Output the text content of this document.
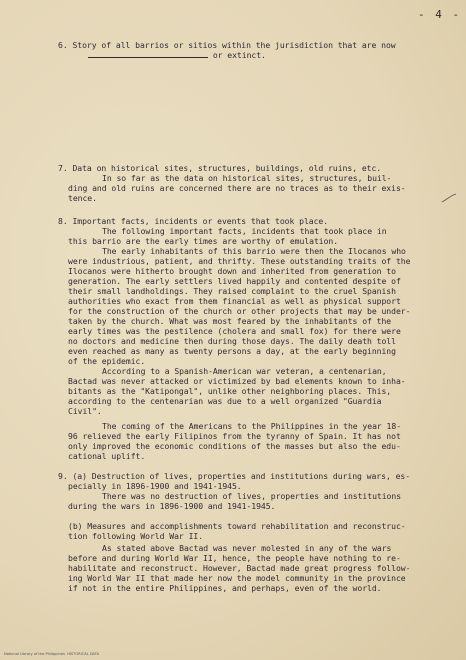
- 4 -
6. Story of all barrios or sitios within the jurisdiction that are now
or extinct.
7. Data on historical sites, structures, buildings, old ruins, etc.
In so far as the data on historical sites, structures, buil-
ding and old ruins are concerned there are no traces as to their exis-
tence.
8. Important facts, incidents or events that took place.
The following important facts, incidents that took place in
this barrio are the early times are worthy of emulation.
The early inhabitants of this barrio were then the Ilocanos who
were industrious, patient, and thrifty. These outstanding traits of the
Ilocanos were hitherto brought down and inherited from generation to
generation. The early settlers lived happily and contented despite of
their small landholdings. They raised complaint to the cruel Spanish
authorities who exact from them financial as well as physical support
for the construction of the church or other projects that may be under-
taken by the church. What was most feared by the inhabitants of the
early times was the pestilence (cholera and small fox) for there were
no doctors and medicine then during those days. The daily death toll
even reached as many as twenty persons a day, at the early beginning
of the epidemic.
According to a Spanish-American war veteran, a centenarian,
Bactad was never attacked or victimized by bad elements known to inha-
bitants as the "Katipongal", unlike other neighboring places. This,
according to the centenarian was due to a well organized "Guardia
Civil".
The coming of the Americans to the Philippines in the year 18-
96 relieved the early Filipinos from the tyranny of Spain. It has not
only improved the economic conditions of the masses but also the edu-
cational uplift.
9. (a) Destruction of lives, properties and institutions during wars, es-
pecially in 1896-1900 and 1941-1945.
There was no destruction of lives, properties and institutions
during the wars in 1896-1900 and 1941-1945.
(b) Measures and accomplishments toward rehabilitation and reconstruc-
tion following World War II.
As stated above Bactad was never molested in any of the wars
before and during World War II, hence, the people have nothing to re-
habilitate and reconstruct. However, Bactad made great progress follow-
ing World War II that made her now the model community in the province
if not in the entire Philippines, and perhaps, even of the world.
National Library of the Philippines  HISTORICAL DATA
